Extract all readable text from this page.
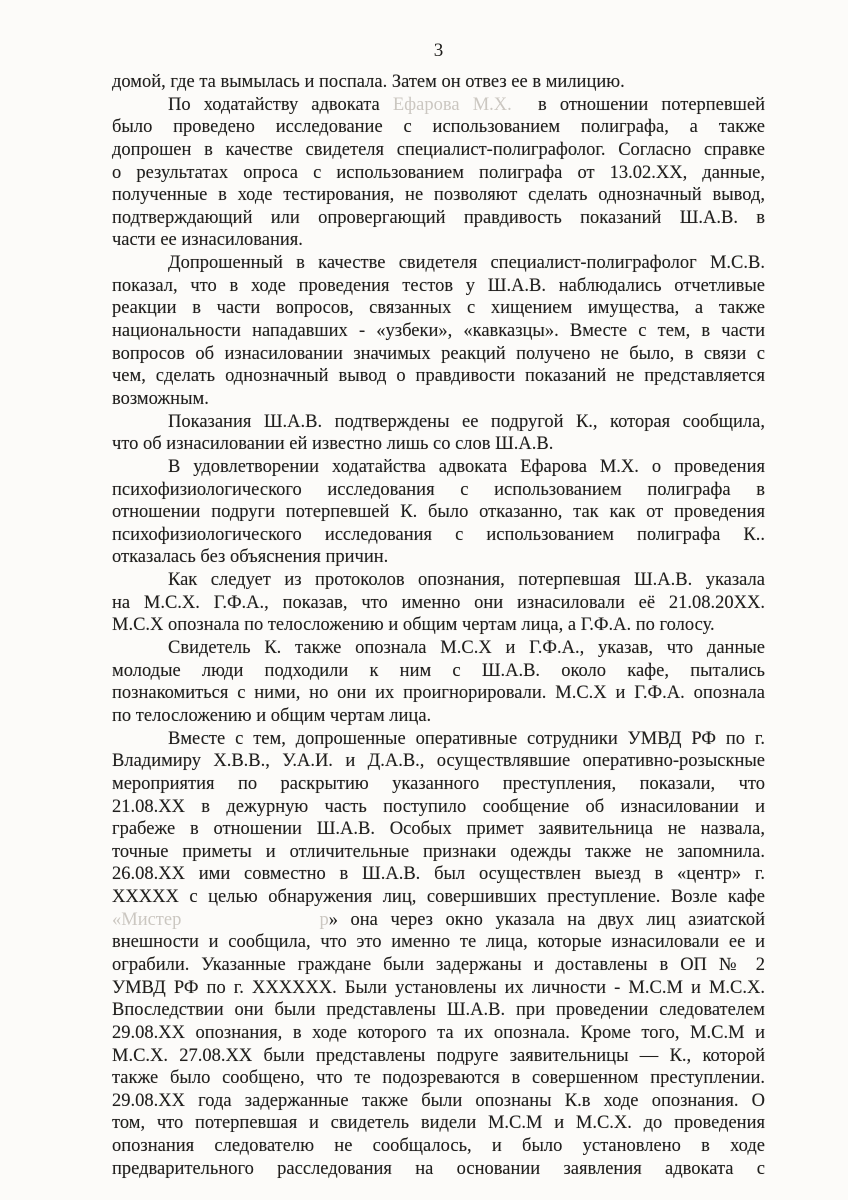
3
домой, где та вымылась и поспала. Затем он отвез ее в милицию.
По ходатайству адвоката Ефарова М.Х.  в отношении потерпевшей
было проведено исследование с использованием полиграфа, а также
допрошен в качестве свидетеля специалист-полиграфолог. Согласно справке
о результатах опроса с использованием полиграфа от 13.02.ХХ, данные,
полученные в ходе тестирования, не позволяют сделать однозначный вывод,
подтверждающий или опровергающий правдивость показаний Ш.А.В. в
части ее изнасилования.
Допрошенный в качестве свидетеля специалист-полиграфолог М.С.В.
показал, что в ходе проведения тестов у Ш.А.В. наблюдались отчетливые
реакции в части вопросов, связанных с хищением имущества, а также
национальности нападавших - «узбеки», «кавказцы». Вместе с тем, в части
вопросов об изнасиловании значимых реакций получено не было, в связи с
чем, сделать однозначный вывод о правдивости показаний не представляется
возможным.
Показания Ш.А.В. подтверждены ее подругой К., которая сообщила,
что об изнасиловании ей известно лишь со слов Ш.А.В.
В удовлетворении ходатайства адвоката Ефарова М.Х. о проведения
психофизиологического исследования с использованием полиграфа в
отношении подруги потерпевшей К. было отказанно, так как от проведения
психофизиологического исследования с использованием полиграфа К..
отказалась без объяснения причин.
Как следует из протоколов опознания, потерпевшая Ш.А.В. указала
на М.С.Х. Г.Ф.А., показав, что именно они изнасиловали её 21.08.20ХХ.
М.С.Х опознала по телосложению и общим чертам лица, а Г.Ф.А. по голосу.
Свидетель К. также опознала М.С.Х и Г.Ф.А., указав, что данные
молодые люди подходили к ним с Ш.А.В. около кафе, пытались
познакомиться с ними, но они их проигнорировали. М.С.Х и Г.Ф.А. опознала
по телосложению и общим чертам лица.
Вместе с тем, допрошенные оперативные сотрудники УМВД РФ по г.
Владимиру Х.В.В., У.А.И. и Д.А.В., осуществлявшие оперативно-розыскные
мероприятия по раскрытию указанного преступления, показали, что
21.08.ХХ в дежурную часть поступило сообщение об изнасиловании и
грабеже в отношении Ш.А.В. Особых примет заявительница не назвала,
точные приметы и отличительные признаки одежды также не запомнила.
26.08.ХХ ими совместно в Ш.А.В. был осуществлен выезд в «центр» г.
ХХХХХ с целью обнаружения лиц, совершивших преступление. Возле кафе
«Мистер           р» она через окно указала на двух лиц азиатской
внешности и сообщила, что это именно те лица, которые изнасиловали ее и
ограбили. Указанные граждане были задержаны и доставлены в ОП № 2
УМВД РФ по г. ХХХХХХ. Были установлены их личности - М.С.М и М.С.Х.
Впоследствии они были представлены Ш.А.В. при проведении следователем
29.08.ХХ опознания, в ходе которого та их опознала. Кроме того, М.С.М и
М.С.Х. 27.08.ХХ были представлены подруге заявительницы — К., которой
также было сообщено, что те подозреваются в совершенном преступлении.
29.08.ХХ года задержанные также были опознаны К.в ходе опознания. О
том, что потерпевшая и свидетель видели М.С.М и М.С.Х. до проведения
опознания следователю не сообщалось, и было установлено в ходе
предварительного расследования на основании заявления адвоката с
